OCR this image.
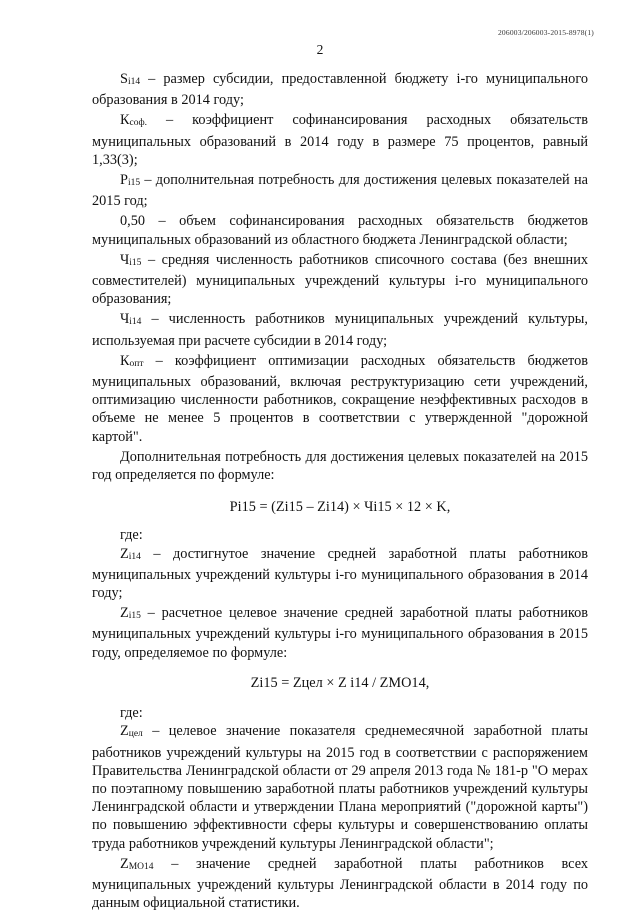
206003/206003-2015-8978(1)
2

$S_{i14}$ – размер субсидии, предоставленной бюджету i-го муниципального образования в 2014 году;

$К_{соф.}$ – коэффициент софинансирования расходных обязательств муниципальных образований в 2014 году в размере 75 процентов, равный 1,33(3);

$P_{i15}$ – дополнительная потребность для достижения целевых показателей на 2015 год;

0,50 – объем софинансирования расходных обязательств бюджетов муниципальных образований из областного бюджета Ленинградской области;

$Ч_{i15}$ – средняя численность работников списочного состава (без внешних совместителей) муниципальных учреждений культуры i-го муниципального образования;

$Ч_{i14}$ – численность работников муниципальных учреждений культуры, используемая при расчете субсидии в 2014 году;

$К_{опт}$ – коэффициент оптимизации расходных обязательств бюджетов муниципальных образований, включая реструктуризацию сети учреждений, оптимизацию численности работников, сокращение неэффективных расходов в объеме не менее 5 процентов в соответствии с утвержденной "дорожной картой".

Дополнительная потребность для достижения целевых показателей на 2015 год определяется по формуле:

Pi15 = (Zi15 – Zi14) × Чi15 × 12 × K,

где:

$Z_{i14}$ – достигнутое значение средней заработной платы работников муниципальных учреждений культуры i-го муниципального образования в 2014 году;

$Z_{i15}$ – расчетное целевое значение средней заработной платы работников муниципальных учреждений культуры i-го муниципального образования в 2015 году, определяемое по формуле:

Zi15 = Zцел × Z i14 / ZMO14,

где:

$Z_{цел}$ – целевое значение показателя среднемесячной заработной платы работников учреждений культуры на 2015 год в соответствии с распоряжением Правительства Ленинградской области от 29 апреля 2013 года № 181-р "О мерах по поэтапному повышению заработной платы работников учреждений культуры Ленинградской области и утверждении Плана мероприятий ("дорожной карты") по повышению эффективности сферы культуры и совершенствованию оплаты труда работников учреждений культуры Ленинградской области";

$Z_{MO14}$ – значение средней заработной платы работников всех муниципальных учреждений культуры Ленинградской области в 2014 году по данным официальной статистики.
